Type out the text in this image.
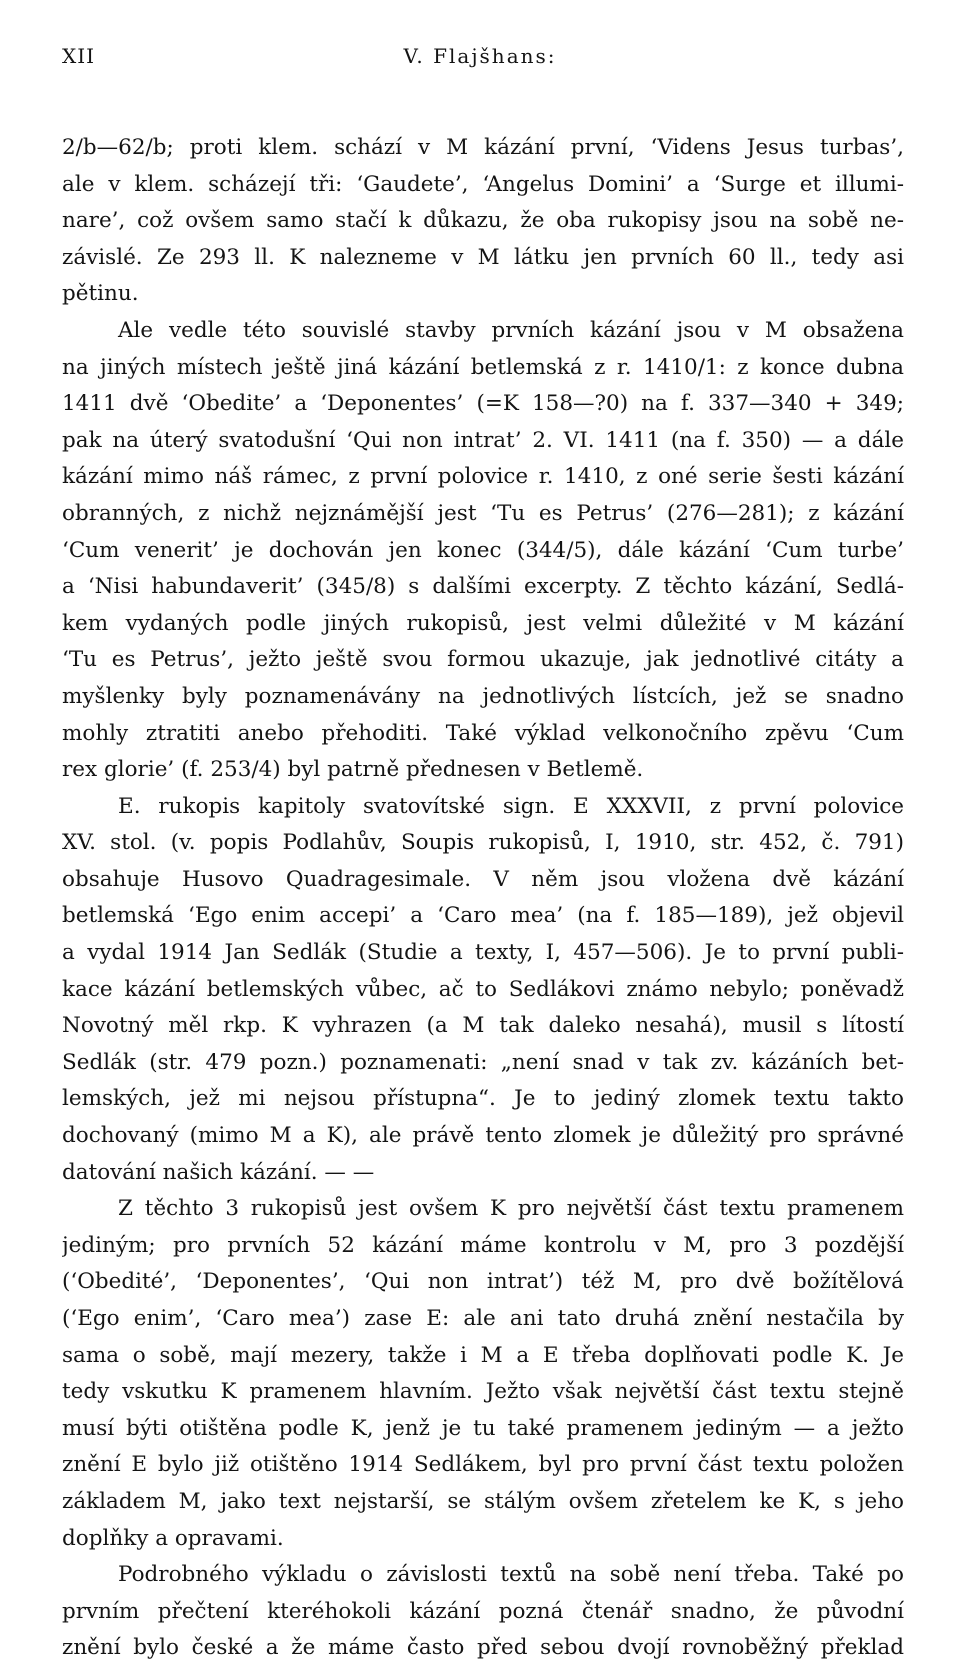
XII	V. Flajšhans:
2/b—62/b; proti klem. schází v M kázání první, ‘Videns Jesus turbas’,
ale v klem. scházejí tři: ‘Gaudete’, ‘Angelus Domini’ a ‘Surge et illumi-
nare’, což ovšem samo stačí k důkazu, že oba rukopisy jsou na sobě ne-
závislé. Ze 293 ll. K nalezneme v M látku jen prvních 60 ll., tedy asi
pětinu.
Ale vedle této souvislé stavby prvních kázání jsou v M obsažena
na jiných místech ještě jiná kázání betlemská z r. 1410/1: z konce dubna
1411 dvě ‘Obedite’ a ‘Deponentes’ (=K 158—?0) na f. 337—340 + 349;
pak na úterý svatodušní ‘Qui non intrat’ 2. VI. 1411 (na f. 350) — a dále
kázání mimo náš rámec, z první polovice r. 1410, z oné serie šesti kázání
obranných, z nichž nejznámější jest ‘Tu es Petrus’ (276—281); z kázání
‘Cum venerit’ je dochován jen konec (344/5), dále kázání ‘Cum turbe’
a ‘Nisi habundaverit’ (345/8) s dalšími excerpty. Z těchto kázání, Sedlá-
kem vydaných podle jiných rukopisů, jest velmi důležité v M kázání
‘Tu es Petrus’, ježto ještě svou formou ukazuje, jak jednotlivé citáty a
myšlenky byly poznamenávány na jednotlivých lístcích, jež se snadno
mohly ztratiti anebo přehoditi. Také výklad velkonočního zpěvu ‘Cum
rex glorie’ (f. 253/4) byl patrně přednesen v Betlemě.
E. rukopis kapitoly svatovítské sign. E XXXVII, z první polovice
XV. stol. (v. popis Podlahův, Soupis rukopisů, I, 1910, str. 452, č. 791)
obsahuje Husovo Quadragesimale. V něm jsou vložena dvě kázání
betlemská ‘Ego enim accepi’ a ‘Caro mea’ (na f. 185—189), jež objevil
a vydal 1914 Jan Sedlák (Studie a texty, I, 457—506). Je to první publi-
kace kázání betlemských vůbec, ač to Sedlákovi známo nebylo; poněvadž
Novotný měl rkp. K vyhrazen (a M tak daleko nesahá), musil s lítostí
Sedlák (str. 479 pozn.) poznamenati: „není snad v tak zv. kázáních bet-
lemských, jež mi nejsou přístupna“. Je to jediný zlomek textu takto
dochovaný (mimo M a K), ale právě tento zlomek je důležitý pro správné
datování našich kázání. — —
Z těchto 3 rukopisů jest ovšem K pro největší část textu pramenem
jediným; pro prvních 52 kázání máme kontrolu v M, pro 3 pozdější
(‘Obedité’, ‘Deponentes’, ‘Qui non intrat’) též M, pro dvě božítělová
(‘Ego enim’, ‘Caro mea’) zase E: ale ani tato druhá znění nestačila by
sama o sobě, mají mezery, takže i M a E třeba doplňovati podle K. Je
tedy vskutku K pramenem hlavním. Ježto však největší část textu stejně
musí býti otištěna podle K, jenž je tu také pramenem jediným — a ježto
znění E bylo již otištěno 1914 Sedlákem, byl pro první část textu položen
základem M, jako text nejstarší, se stálým ovšem zřetelem ke K, s jeho
doplňky a opravami.
Podrobného výkladu o závislosti textů na sobě není třeba. Také po
prvním přečtení kteréhokoli kázání pozná čtenář snadno, že původní
znění bylo české a že máme často před sebou dvojí rovnoběžný překlad
